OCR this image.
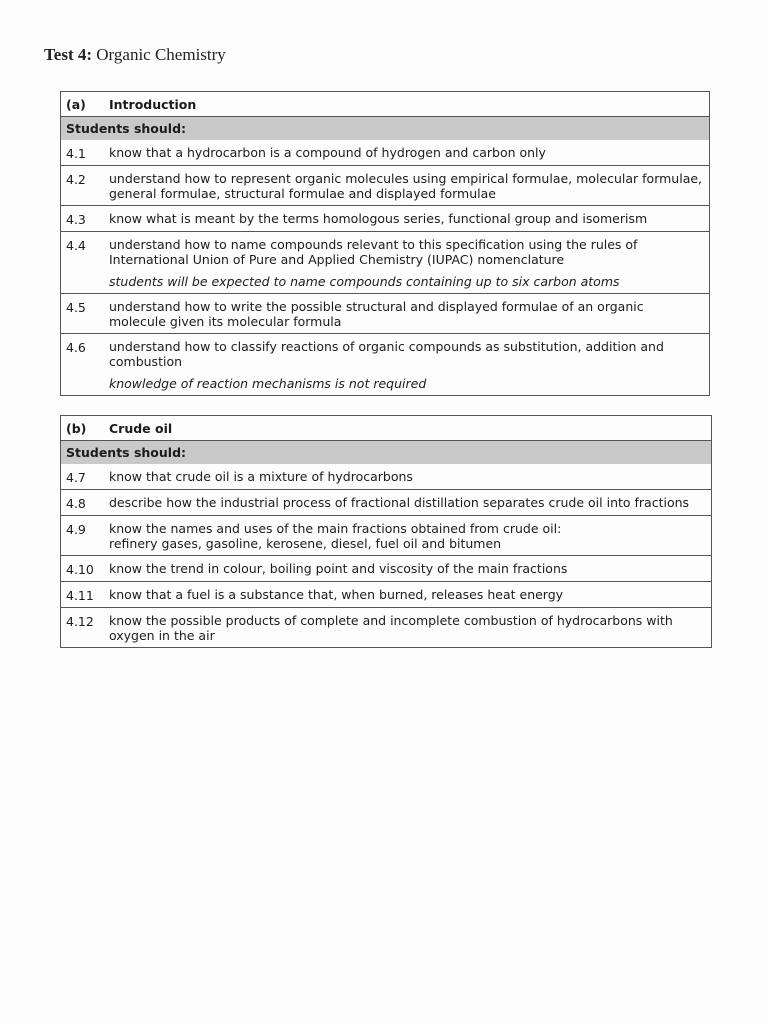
Test 4: Organic Chemistry
(a)	Introduction
Students should:
4.1	know that a hydrocarbon is a compound of hydrogen and carbon only
4.2	understand how to represent organic molecules using empirical formulae, molecular formulae, general formulae, structural formulae and displayed formulae
4.3	know what is meant by the terms homologous series, functional group and isomerism
4.4	understand how to name compounds relevant to this specification using the rules of International Union of Pure and Applied Chemistry (IUPAC) nomenclature
students will be expected to name compounds containing up to six carbon atoms
4.5	understand how to write the possible structural and displayed formulae of an organic molecule given its molecular formula
4.6	understand how to classify reactions of organic compounds as substitution, addition and combustion
knowledge of reaction mechanisms is not required
(b)	Crude oil
Students should:
4.7	know that crude oil is a mixture of hydrocarbons
4.8	describe how the industrial process of fractional distillation separates crude oil into fractions
4.9	know the names and uses of the main fractions obtained from crude oil:
refinery gases, gasoline, kerosene, diesel, fuel oil and bitumen
4.10	know the trend in colour, boiling point and viscosity of the main fractions
4.11	know that a fuel is a substance that, when burned, releases heat energy
4.12	know the possible products of complete and incomplete combustion of hydrocarbons with oxygen in the air
